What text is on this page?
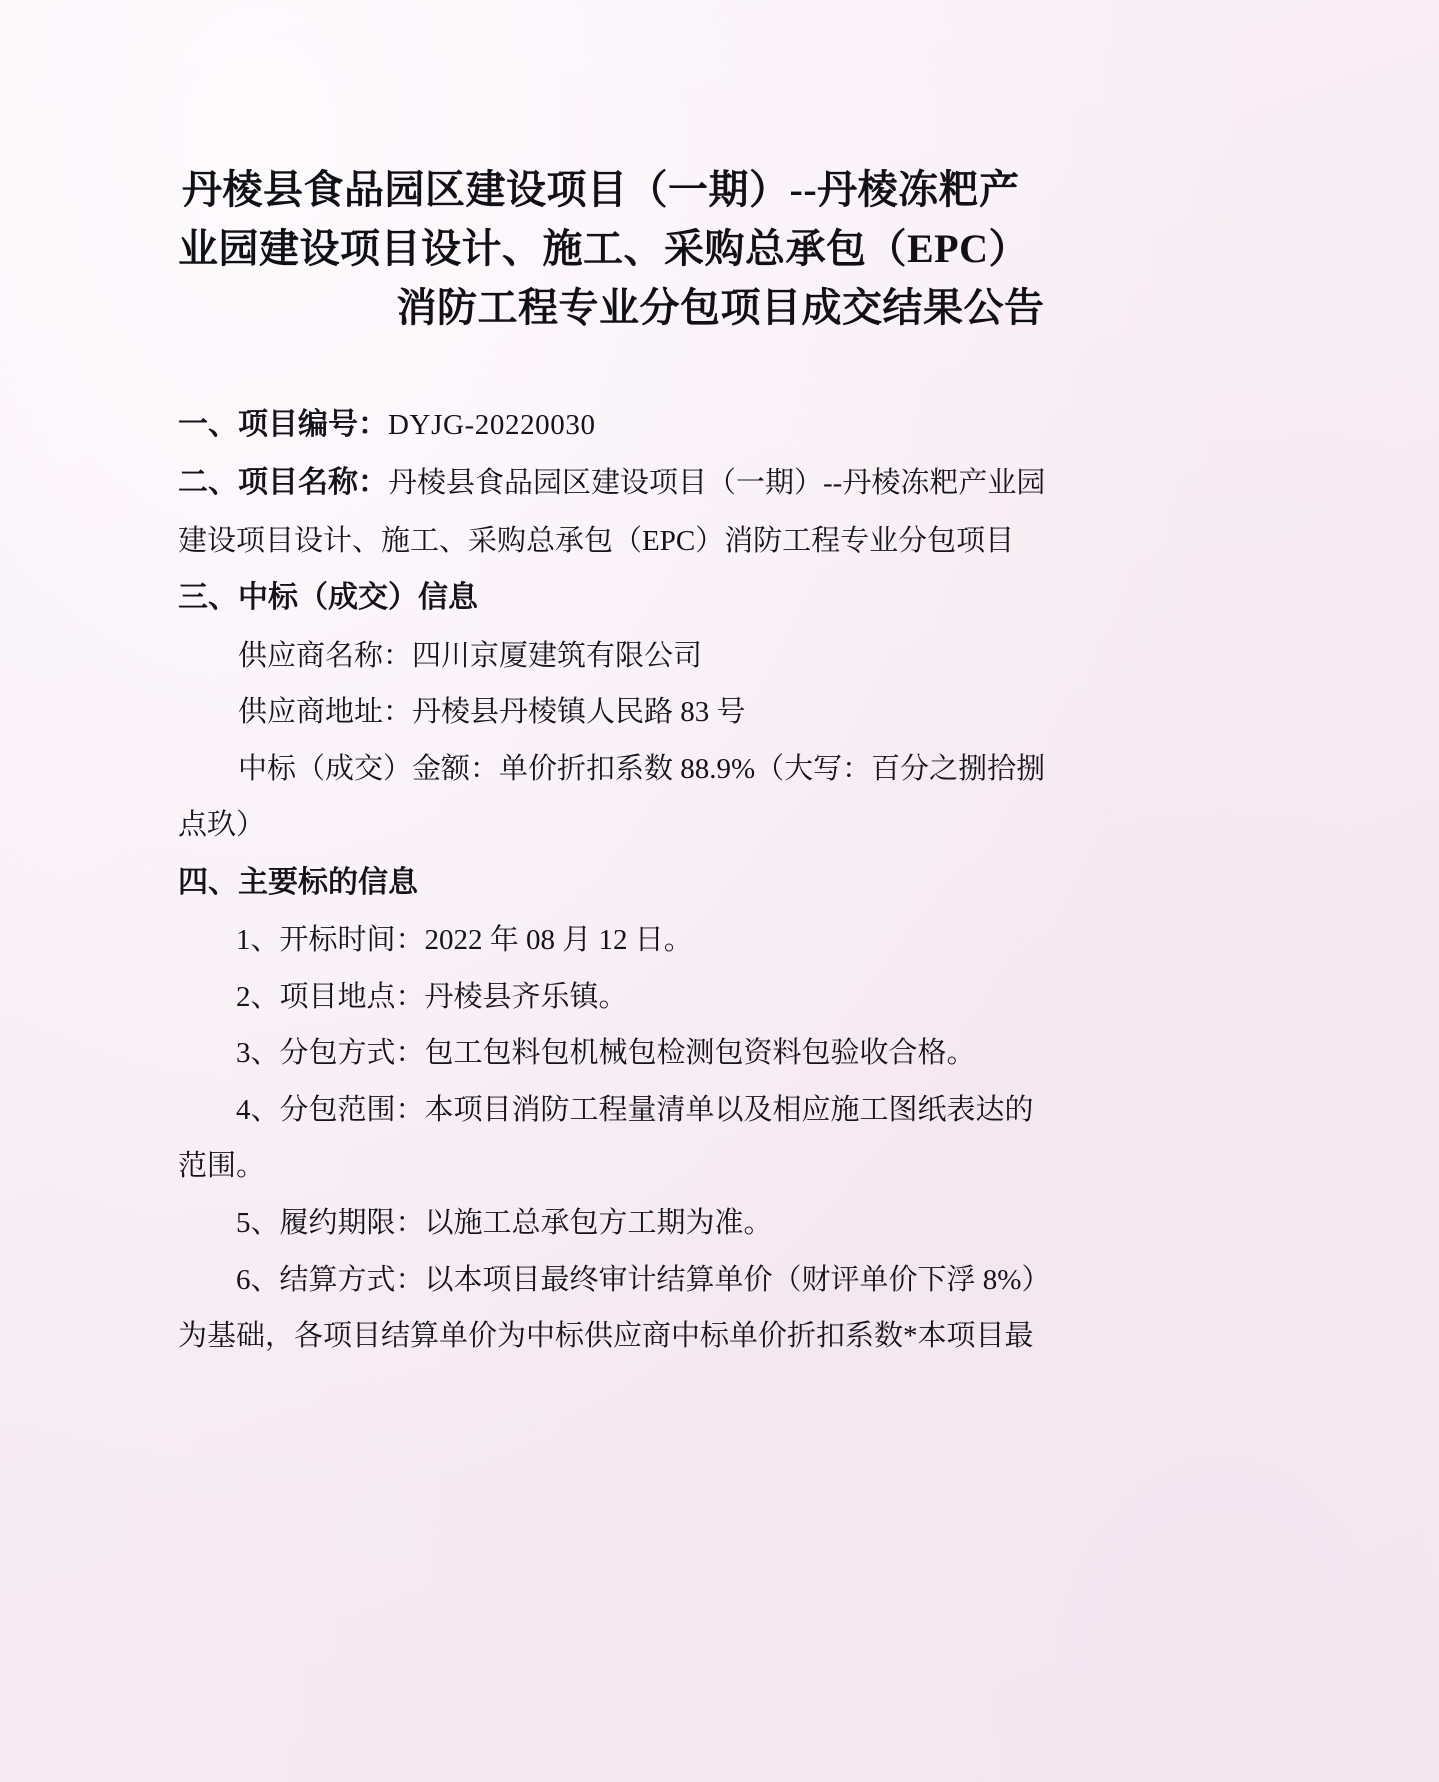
丹棱县食品园区建设项目（一期）--丹棱冻粑产
业园建设项目设计、施工、采购总承包（EPC）
消防工程专业分包项目成交结果公告
一、项目编号：DYJG-20220030
二、项目名称：丹棱县食品园区建设项目（一期）--丹棱冻粑产业园
建设项目设计、施工、采购总承包（EPC）消防工程专业分包项目
三、中标（成交）信息
供应商名称：四川京厦建筑有限公司
供应商地址：丹棱县丹棱镇人民路 83 号
中标（成交）金额：单价折扣系数 88.9%（大写：百分之捌拾捌
点玖）
四、主要标的信息
1、开标时间：2022 年 08 月 12 日。
2、项目地点：丹棱县齐乐镇。
3、分包方式：包工包料包机械包检测包资料包验收合格。
4、分包范围：本项目消防工程量清单以及相应施工图纸表达的
范围。
5、履约期限：以施工总承包方工期为准。
6、结算方式：以本项目最终审计结算单价（财评单价下浮 8%）
为基础，各项目结算单价为中标供应商中标单价折扣系数*本项目最
